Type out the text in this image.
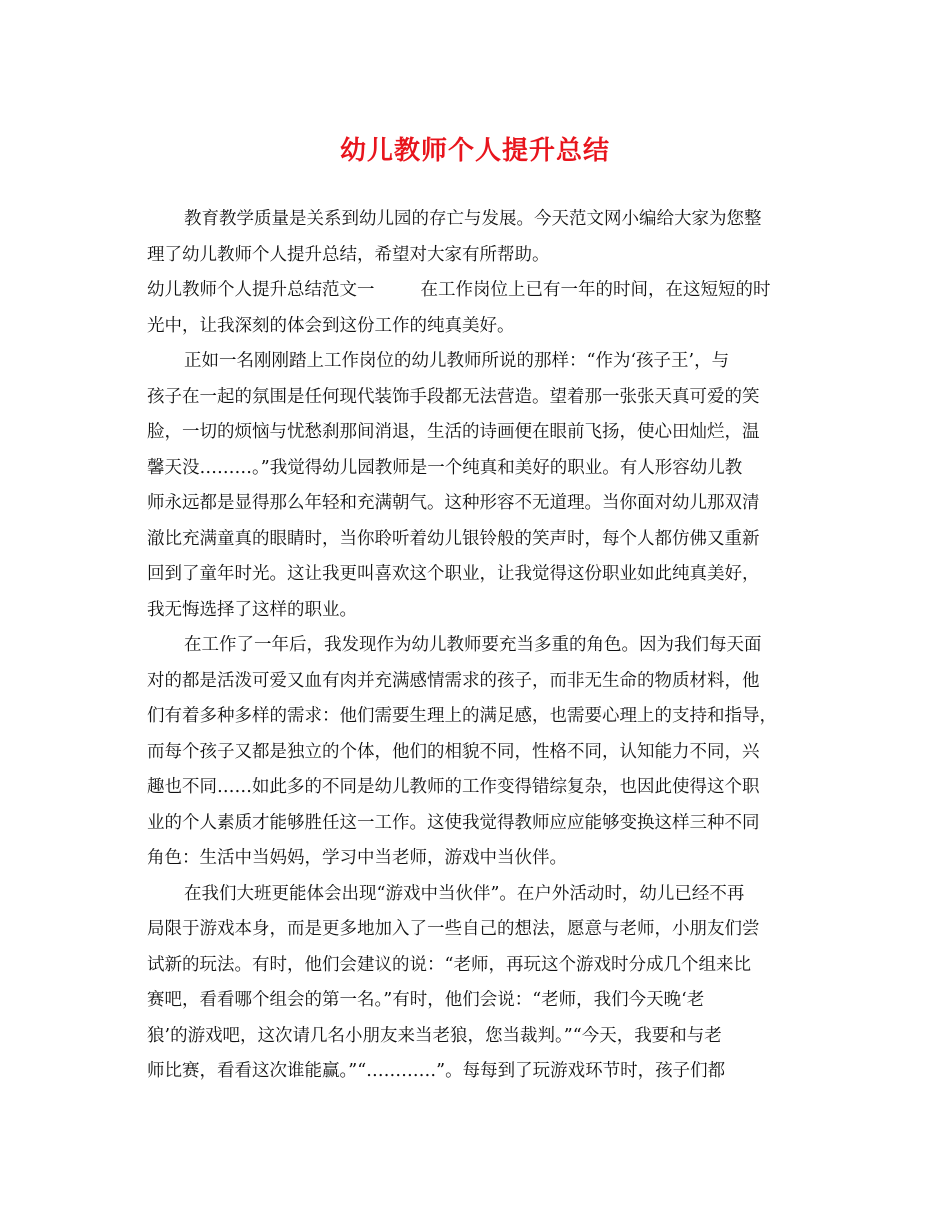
幼儿教师个人提升总结
教育教学质量是关系到幼儿园的存亡与发展。今天范文网小编给大家为您整
理了幼儿教师个人提升总结，希望对大家有所帮助。
幼儿教师个人提升总结范文一	在工作岗位上已有一年的时间，在这短短的时
光中，让我深刻的体会到这份工作的纯真美好。
正如一名刚刚踏上工作岗位的幼儿教师所说的那样：“作为‘孩子王’，与
孩子在一起的氛围是任何现代装饰手段都无法营造。望着那一张张天真可爱的笑
脸，一切的烦恼与忧愁刹那间消退，生活的诗画便在眼前飞扬，使心田灿烂，温
馨天没………。”我觉得幼儿园教师是一个纯真和美好的职业。有人形容幼儿教
师永远都是显得那么年轻和充满朝气。这种形容不无道理。当你面对幼儿那双清
澈比充满童真的眼睛时，当你聆听着幼儿银铃般的笑声时，每个人都仿佛又重新
回到了童年时光。这让我更叫喜欢这个职业，让我觉得这份职业如此纯真美好，
我无悔选择了这样的职业。
在工作了一年后，我发现作为幼儿教师要充当多重的角色。因为我们每天面
对的都是活泼可爱又血有肉并充满感情需求的孩子，而非无生命的物质材料，他
们有着多种多样的需求：他们需要生理上的满足感，也需要心理上的支持和指导，
而每个孩子又都是独立的个体，他们的相貌不同，性格不同，认知能力不同，兴
趣也不同……如此多的不同是幼儿教师的工作变得错综复杂，也因此使得这个职
业的个人素质才能够胜任这一工作。这使我觉得教师应应能够变换这样三种不同
角色：生活中当妈妈，学习中当老师，游戏中当伙伴。
在我们大班更能体会出现“游戏中当伙伴”。在户外活动时，幼儿已经不再
局限于游戏本身，而是更多地加入了一些自己的想法，愿意与老师，小朋友们尝
试新的玩法。有时，他们会建议的说：“老师，再玩这个游戏时分成几个组来比
赛吧，看看哪个组会的第一名。”有时，他们会说：“老师，我们今天晚‘老
狼’的游戏吧，这次请几名小朋友来当老狼，您当裁判。”“今天，我要和与老
师比赛，看看这次谁能赢。”“…………”。每每到了玩游戏环节时，孩子们都
